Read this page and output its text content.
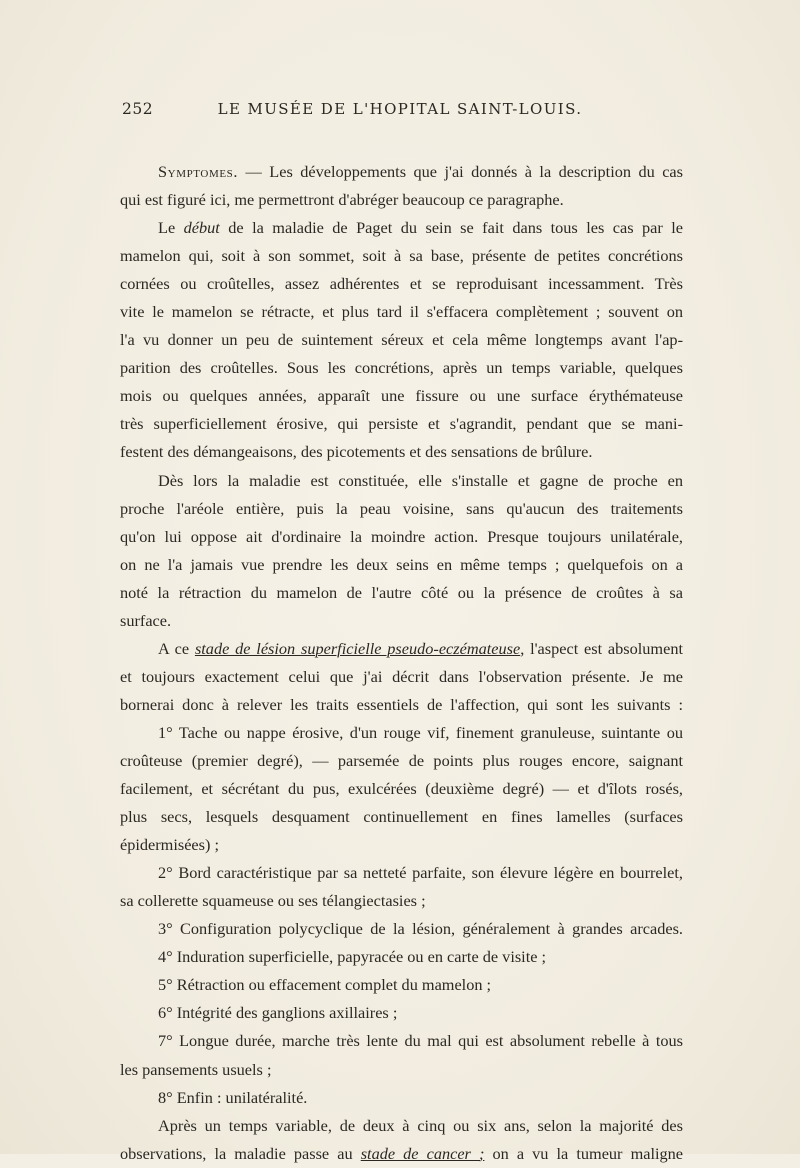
252	LE MUSÉE DE L'HOPITAL SAINT-LOUIS.
Symptomes. — Les développements que j'ai donnés à la description du cas
qui est figuré ici, me permettront d'abréger beaucoup ce paragraphe.
Le début de la maladie de Paget du sein se fait dans tous les cas par le
mamelon qui, soit à son sommet, soit à sa base, présente de petites concrétions
cornées ou croûtelles, assez adhérentes et se reproduisant incessamment. Très
vite le mamelon se rétracte, et plus tard il s'effacera complètement ; souvent on
l'a vu donner un peu de suintement séreux et cela même longtemps avant l'ap-
parition des croûtelles. Sous les concrétions, après un temps variable, quelques
mois ou quelques années, apparaît une fissure ou une surface érythémateuse
très superficiellement érosive, qui persiste et s'agrandit, pendant que se mani-
festent des démangeaisons, des picotements et des sensations de brûlure.
Dès lors la maladie est constituée, elle s'installe et gagne de proche en
proche l'aréole entière, puis la peau voisine, sans qu'aucun des traitements
qu'on lui oppose ait d'ordinaire la moindre action. Presque toujours unilatérale,
on ne l'a jamais vue prendre les deux seins en même temps ; quelquefois on a
noté la rétraction du mamelon de l'autre côté ou la présence de croûtes à sa
surface.
A ce stade de lésion superficielle pseudo-eczémateuse, l'aspect est absolument
et toujours exactement celui que j'ai décrit dans l'observation présente. Je me
bornerai donc à relever les traits essentiels de l'affection, qui sont les suivants :
1° Tache ou nappe érosive, d'un rouge vif, finement granuleuse, suintante ou
croûteuse (premier degré), — parsemée de points plus rouges encore, saignant
facilement, et sécrétant du pus, exulcérées (deuxième degré) — et d'îlots rosés,
plus secs, lesquels desquament continuellement en fines lamelles (surfaces
épidermisées) ;
2° Bord caractéristique par sa netteté parfaite, son élevure légère en bourrelet,
sa collerette squameuse ou ses télangiectasies ;
3° Configuration polycyclique de la lésion, généralement à grandes arcades.
4° Induration superficielle, papyracée ou en carte de visite ;
5° Rétraction ou effacement complet du mamelon ;
6° Intégrité des ganglions axillaires ;
7° Longue durée, marche très lente du mal qui est absolument rebelle à tous
les pansements usuels ;
8° Enfin : unilatéralité.
Après un temps variable, de deux à cinq ou six ans, selon la majorité des
observations, la maladie passe au stade de cancer ; on a vu la tumeur maligne
